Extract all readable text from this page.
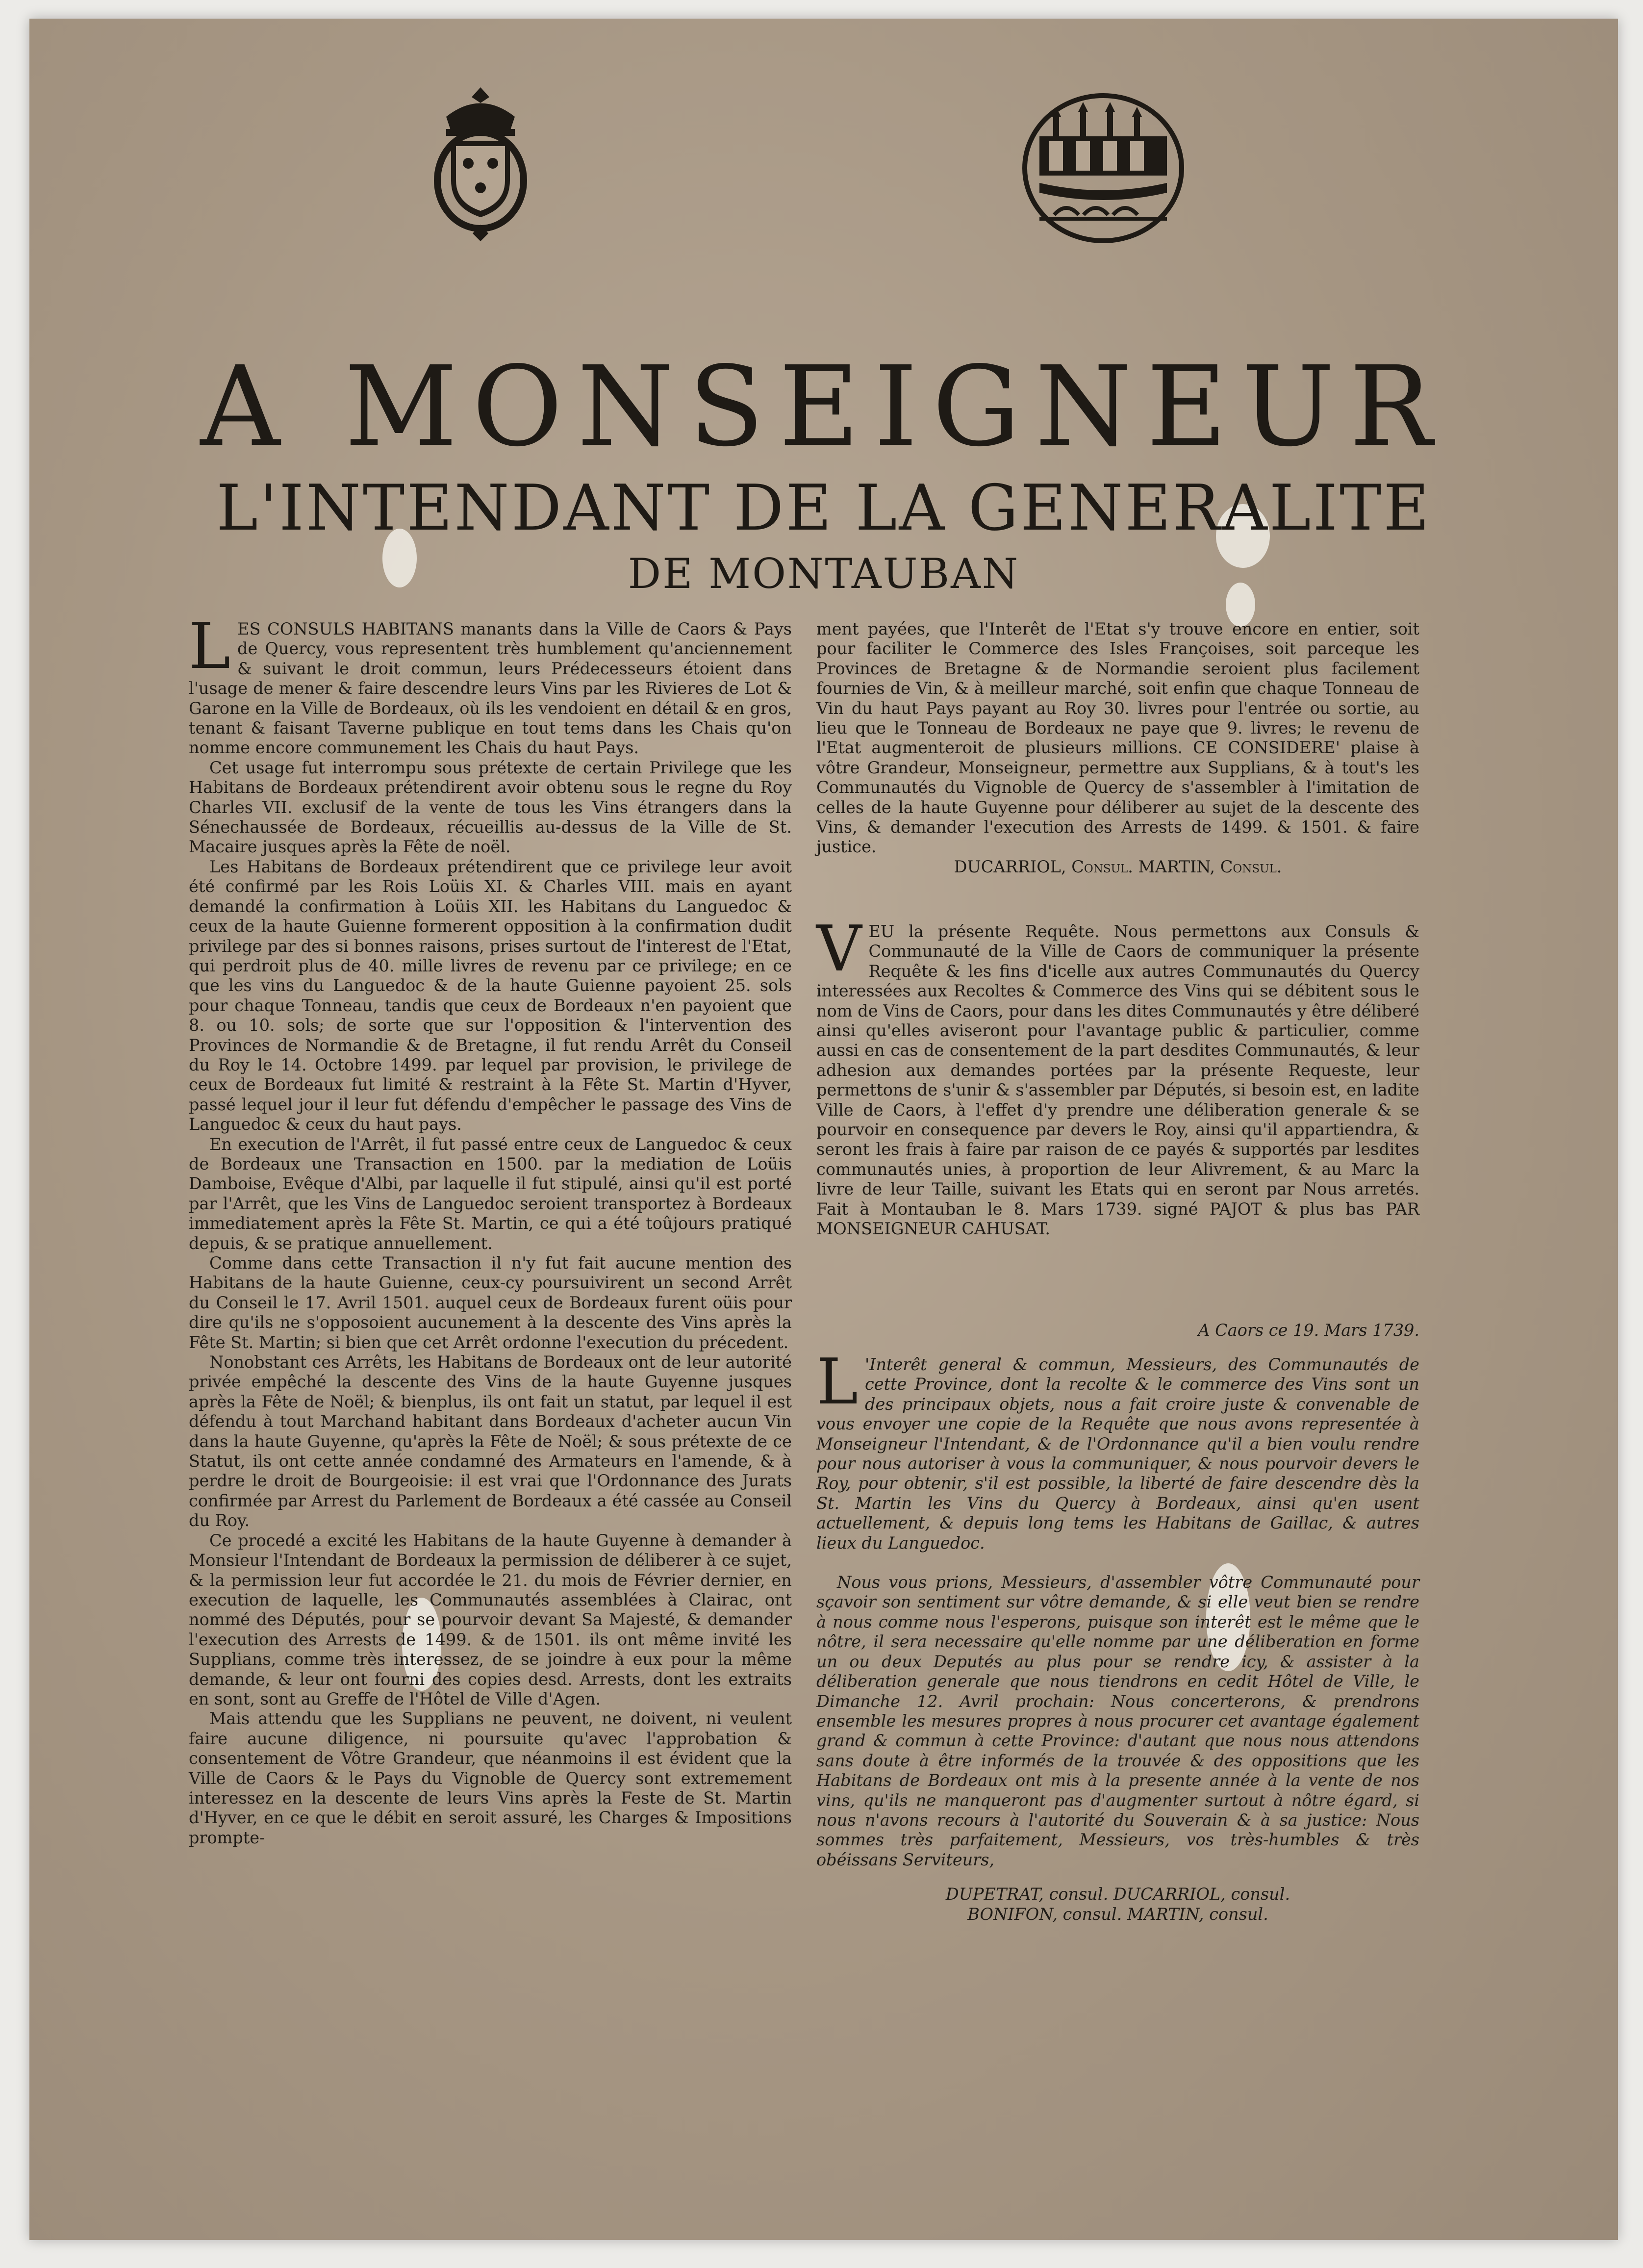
A MONSEIGNEUR
L'INTENDANT DE LA GENERALITE
DE MONTAUBAN
L ES CONSULS HABITANS manants dans la Ville de Caors & Pays de Quercy, vous representent très humblement qu'anciennement & suivant le droit commun, leurs Prédecesseurs étoient dans l'usage de mener & faire descendre leurs Vins par les Rivieres de Lot & Garone en la Ville de Bordeaux, où ils les vendoient en détail & en gros, tenant & faisant Taverne publique en tout tems dans les Chais qu'on nomme encore communement les Chais du haut Pays.

Cet usage fut interrompu sous prétexte de certain Privilege que les Habitans de Bordeaux prétendirent avoir obtenu sous le regne du Roy Charles VII. exclusif de la vente de tous les Vins étrangers dans la Sénechaussée de Bordeaux, récueillis au-dessus de la Ville de St. Macaire jusques après la Fête de noël.

Les Habitans de Bordeaux prétendirent que ce privilege leur avoit été confirmé par les Rois Loüis XI. & Charles VIII. mais en ayant demandé la confirmation à Loüis XII. les Habitans du Languedoc & ceux de la haute Guienne formerent opposition à la confirmation dudit privilege par des si bonnes raisons, prises surtout de l'interest de l'Etat, qui perdroit plus de 40. mille livres de revenu par ce privilege; en ce que les vins du Languedoc & de la haute Guienne payoient 25. sols pour chaque Tonneau, tandis que ceux de Bordeaux n'en payoient que 8. ou 10. sols; de sorte que sur l'opposition & l'intervention des Provinces de Normandie & de Bretagne, il fut rendu Arrêt du Conseil du Roy le 14. Octobre 1499. par lequel par provision, le privilege de ceux de Bordeaux fut limité & restraint à la Fête St. Martin d'Hyver, passé lequel jour il leur fut défendu d'empêcher le passage des Vins de Languedoc & ceux du haut pays.

En execution de l'Arrêt, il fut passé entre ceux de Languedoc & ceux de Bordeaux une Transaction en 1500. par la mediation de Loüis Damboise, Evêque d'Albi, par laquelle il fut stipulé, ainsi qu'il est porté par l'Arrêt, que les Vins de Languedoc seroient transportez à Bordeaux immediatement après la Fête St. Martin, ce qui a été toûjours pratiqué depuis, & se pratique annuellement.

Comme dans cette Transaction il n'y fut fait aucune mention des Habitans de la haute Guienne, ceux-cy poursuivirent un second Arrêt du Conseil le 17. Avril 1501. auquel ceux de Bordeaux furent oüis pour dire qu'ils ne s'opposoient aucunement à la descente des Vins après la Fête St. Martin; si bien que cet Arrêt ordonne l'execution du précedent.

Nonobstant ces Arrêts, les Habitans de Bordeaux ont de leur autorité privée empêché la descente des Vins de la haute Guyenne jusques après la Fête de Noël; & bienplus, ils ont fait un statut, par lequel il est défendu à tout Marchand habitant dans Bordeaux d'acheter aucun Vin dans la haute Guyenne, qu'après la Fête de Noël; & sous prétexte de ce Statut, ils ont cette année condamné des Armateurs en l'amende, & à perdre le droit de Bourgeoisie: il est vrai que l'Ordonnance des Jurats confirmée par Arrest du Parlement de Bordeaux a été cassée au Conseil du Roy.

Ce procedé a excité les Habitans de la haute Guyenne à demander à Monsieur l'Intendant de Bordeaux la permission de déliberer à ce sujet, & la permission leur fut accordée le 21. du mois de Février dernier, en execution de laquelle, les Communautés assemblées à Clairac, ont nommé des Députés, pour se pourvoir devant Sa Majesté, & demander l'execution des Arrests de 1499. & de 1501. ils ont même invité les Supplians, comme très interessez, de se joindre à eux pour la même demande, & leur ont fourni des copies desd. Arrests, dont les extraits en sont, sont au Greffe de l'Hôtel de Ville d'Agen.

Mais attendu que les Supplians ne peuvent, ne doivent, ni veulent faire aucune diligence, ni poursuite qu'avec l'approbation & consentement de Vôtre Grandeur, que néanmoins il est évident que la Ville de Caors & le Pays du Vignoble de Quercy sont extremement interessez en la descente de leurs Vins après la Feste de St. Martin d'Hyver, en ce que le débit en seroit assuré, les Charges & Impositions prompte-

ment payées, que l'Interêt de l'Etat s'y trouve encore en entier, soit pour faciliter le Commerce des Isles Françoises, soit parceque les Provinces de Bretagne & de Normandie seroient plus facilement fournies de Vin, & à meilleur marché, soit enfin que chaque Tonneau de Vin du haut Pays payant au Roy 30. livres pour l'entrée ou sortie, au lieu que le Tonneau de Bordeaux ne paye que 9. livres; le revenu de l'Etat augmenteroit de plusieurs millions. CE CONSIDERE' plaise à vôtre Grandeur, Monseigneur, permettre aux Supplians, & à tout's les Communautés du Vignoble de Quercy de s'assembler à l'imitation de celles de la haute Guyenne pour déliberer au sujet de la descente des Vins, & demander l'execution des Arrests de 1499. & 1501. & faire justice.

DUCARRIOL, Consul. MARTIN, Consul.

V EU la présente Requête. Nous permettons aux Consuls & Communauté de la Ville de Caors de communiquer la présente Requête & les fins d'icelle aux autres Communautés du Quercy interessées aux Recoltes & Commerce des Vins qui se débitent sous le nom de Vins de Caors, pour dans les dites Communautés y être déliberé ainsi qu'elles aviseront pour l'avantage public & particulier, comme aussi en cas de consentement de la part desdites Communautés, & leur adhesion aux demandes portées par la présente Requeste, leur permettons de s'unir & s'assembler par Députés, si besoin est, en ladite Ville de Caors, à l'effet d'y prendre une déliberation generale & se pourvoir en consequence par devers le Roy, ainsi qu'il appartiendra, & seront les frais à faire par raison de ce payés & supportés par lesdites communautés unies, à proportion de leur Alivrement, & au Marc la livre de leur Taille, suivant les Etats qui en seront par Nous arretés. Fait à Montauban le 8. Mars 1739. signé PAJOT & plus bas PAR MONSEIGNEUR CAHUSAT.

A Caors ce 19. Mars 1739.
L 'Interêt general & commun, Messieurs, des Communautés de cette Province, dont la recolte & le commerce des Vins sont un des principaux objets, nous a fait croire juste & convenable de vous envoyer une copie de la Requête que nous avons representée à Monseigneur l'Intendant, & de l'Ordonnance qu'il a bien voulu rendre pour nous autoriser à vous la communiquer, & nous pourvoir devers le Roy, pour obtenir, s'il est possible, la liberté de faire descendre dès la St. Martin les Vins du Quercy à Bordeaux, ainsi qu'en usent actuellement, & depuis long tems les Habitans de Gaillac, & autres lieux du Languedoc.

Nous vous prions, Messieurs, d'assembler vôtre Communauté pour sçavoir son sentiment sur vôtre demande, & si elle veut bien se rendre à nous comme nous l'esperons, puisque son interêt est le même que le nôtre, il sera necessaire qu'elle nomme par une déliberation en forme un ou deux Deputés au plus pour se rendre icy, & assister à la déliberation generale que nous tiendrons en cedit Hôtel de Ville, le Dimanche 12. Avril prochain: Nous concerterons, & prendrons ensemble les mesures propres à nous procurer cet avantage également grand & commun à cette Province: d'autant que nous nous attendons sans doute à être informés de la trouvée & des oppositions que les Habitans de Bordeaux ont mis à la presente année à la vente de nos vins, qu'ils ne manqueront pas d'augmenter surtout à nôtre égard, si nous n'avons recours à l'autorité du Souverain & à sa justice: Nous sommes très parfaitement, Messieurs, vos très-humbles & très obéissans Serviteurs,

DUPETRAT, consul. DUCARRIOL, consul.

BONIFON, consul. MARTIN, consul.
